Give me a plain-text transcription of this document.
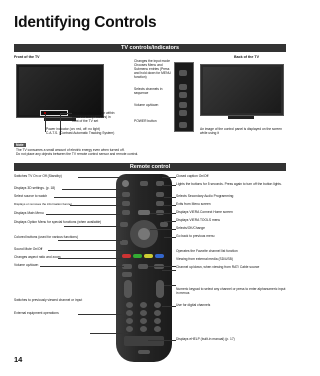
Identifying Controls
TV controls/indicators
Front of the TV	Back of the TV
Remote control sensor within about 23 feet (7 meters) in front of the TV set
Power indicator (on: red, off: no light)
C.A.T.S. (Contrast Automatic Tracking System)
Changes the input mode Chooses Menu and Submenu entries (Press and hold down for MENU function)
Selects channels in sequence
Volume up/down
POWER button
An image of the control panel is displayed on the screen while using it
Note
The TV consumes a small amount of electric energy even when turned off.
Do not place any objects between the TV remote control sensor and remote control.
Remote control
Switches TV On or Off (Standby)
Displays 3D settings. (p. 18)
Select source to watch
Displays or removes the information banner
Displays Main Menu
Displays Option Menu for special functions (when available)
Colored buttons (used for various functions)
Sound Mute On/Off
Changes aspect ratio and zoom
Volume up/down
Switches to previously viewed channel or input
External equipment operations
Closed caption On/Off
Lights the buttons for 5 seconds. Press again to turn off the button lights.
Selects Secondary Audio Programming
Exits from Menu screen
Displays VIERA Connect Home screen
Displays VIERA TOOLS menu
Selects/OK/Change
Go back to previous menu
Operates the Favorite channel list function
Viewing from external media (SD/USB)
Channel up/down, when viewing from RAT/ Cable source
Numeric keypad to select any channel or press to enter alphanumeric input in menus
Use for digital channels
Displays eHELP (built-in manual) (p. 17)
14
